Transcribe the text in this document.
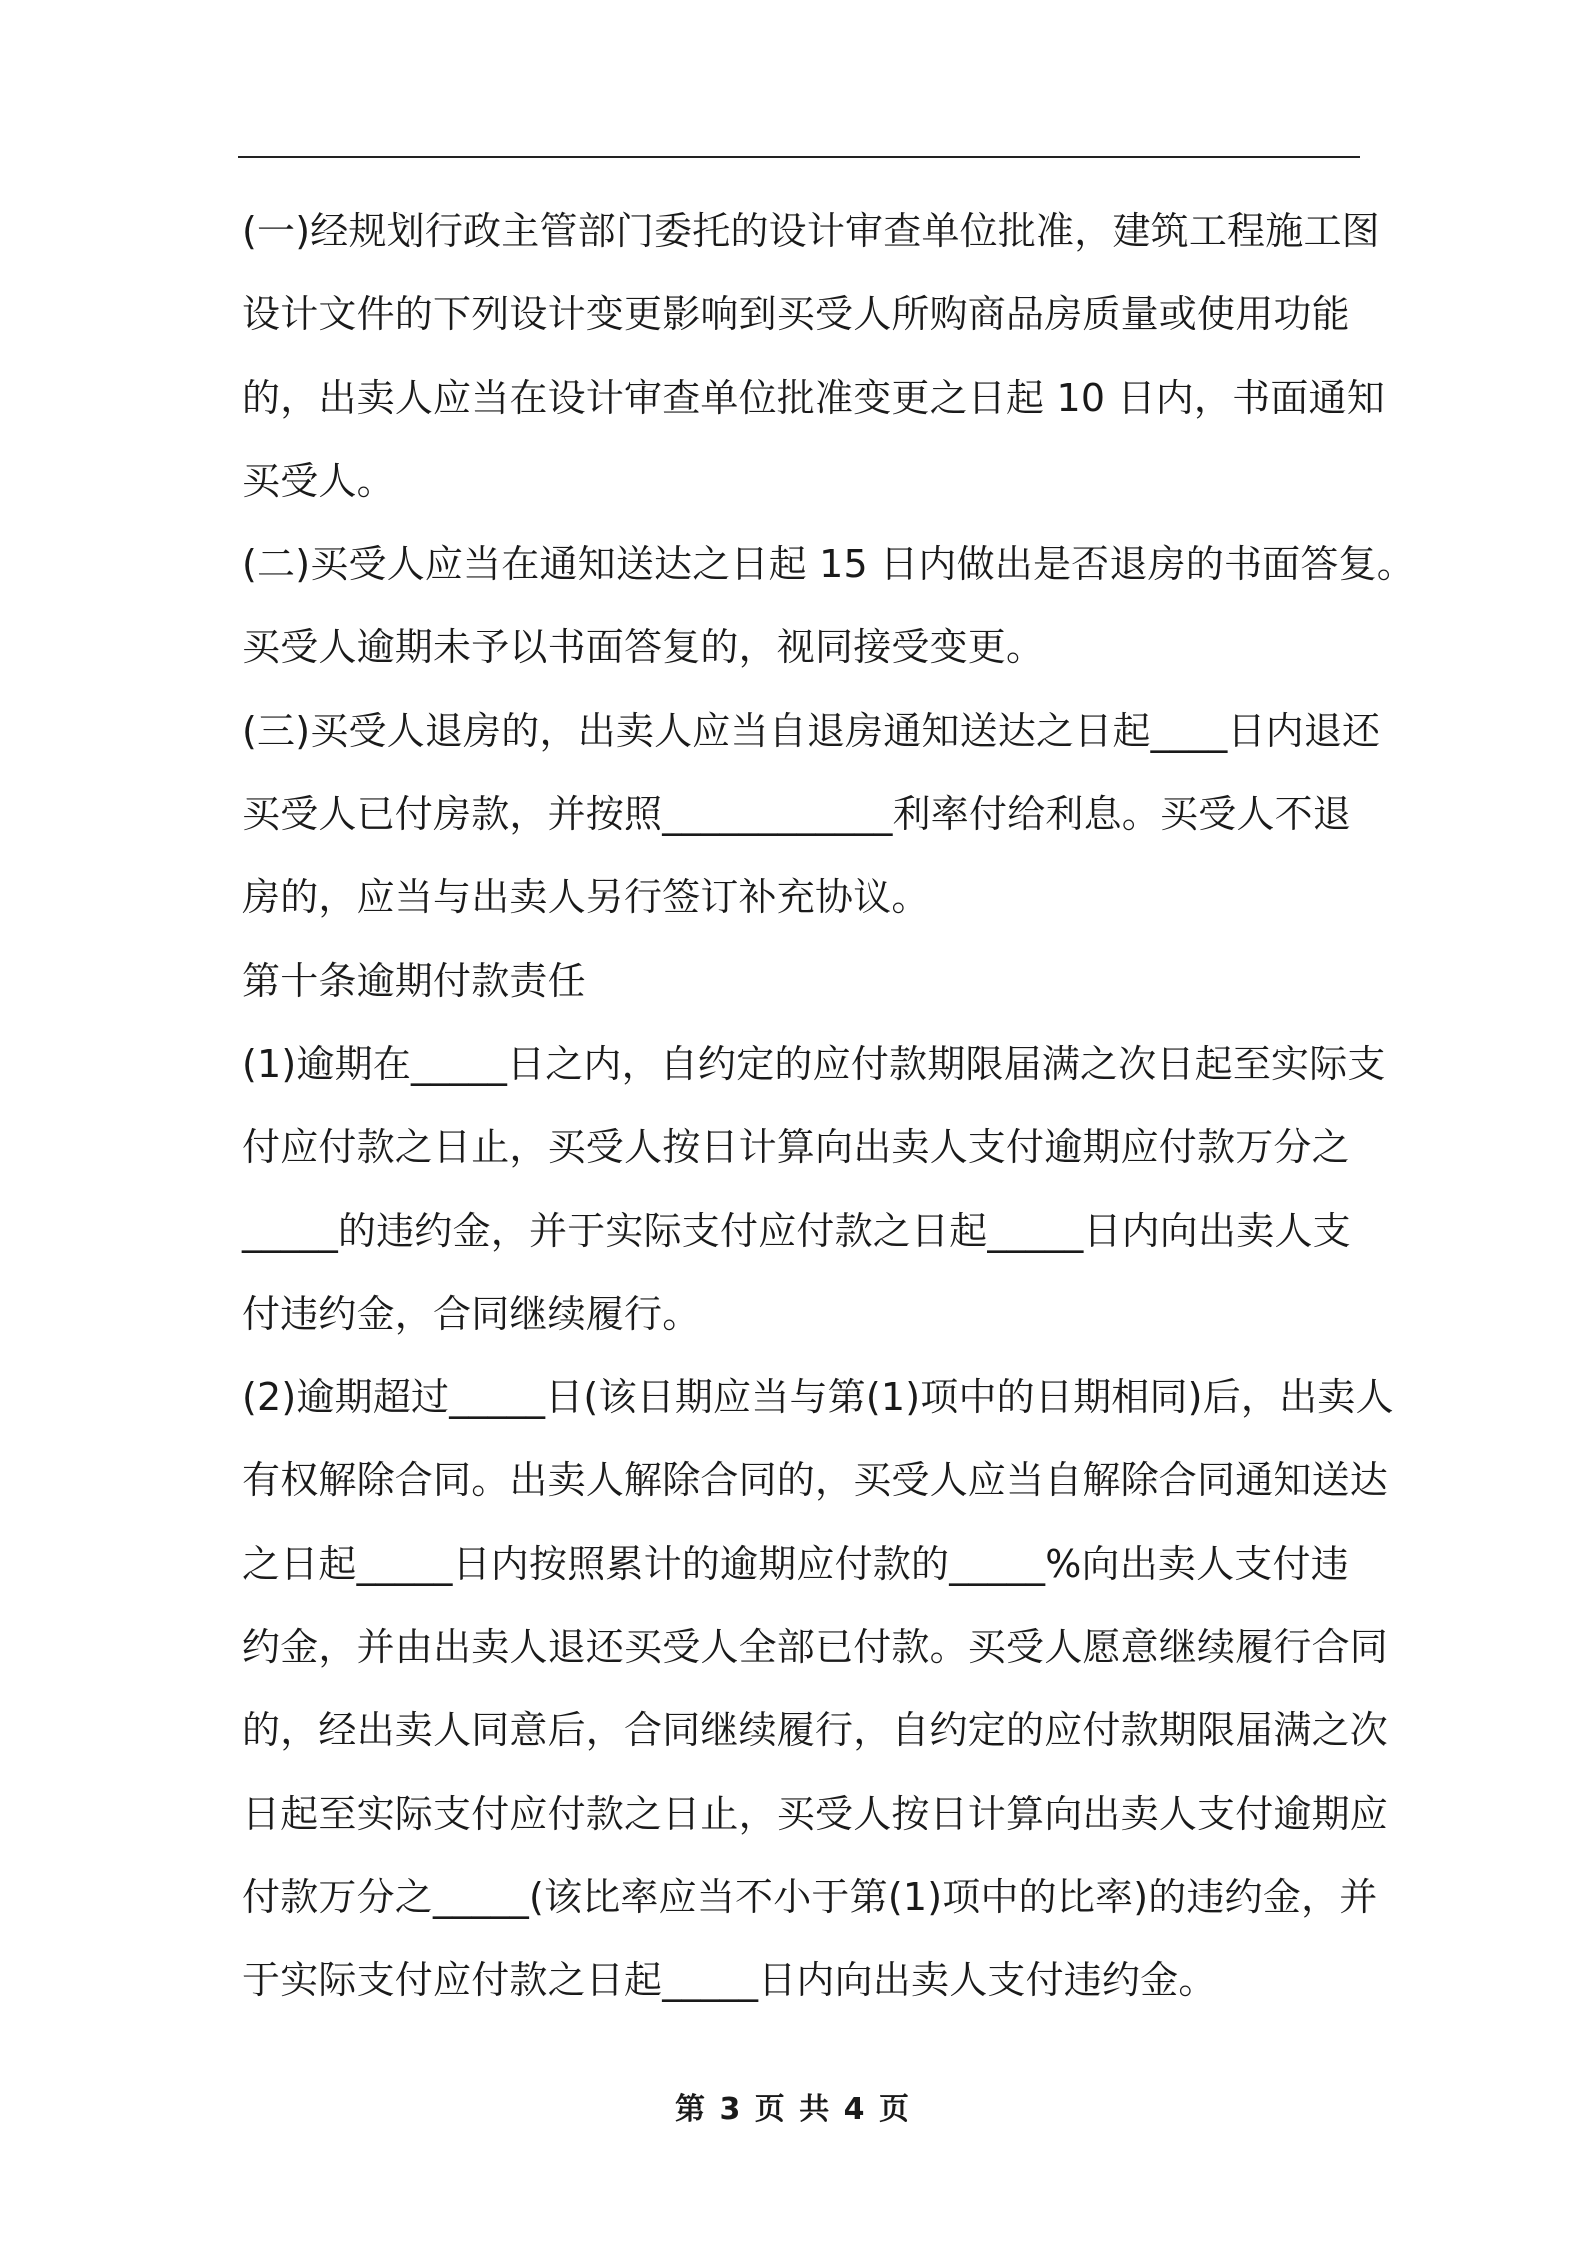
(一)经规划行政主管部门委托的设计审查单位批准，建筑工程施工图
设计文件的下列设计变更影响到买受人所购商品房质量或使用功能
的，出卖人应当在设计审查单位批准变更之日起 10 日内，书面通知
买受人。
(二)买受人应当在通知送达之日起 15 日内做出是否退房的书面答复。
买受人逾期未予以书面答复的，视同接受变更。
(三)买受人退房的，出卖人应当自退房通知送达之日起____日内退还
买受人已付房款，并按照____________利率付给利息。买受人不退
房的，应当与出卖人另行签订补充协议。
第十条逾期付款责任
(1)逾期在_____日之内，自约定的应付款期限届满之次日起至实际支
付应付款之日止，买受人按日计算向出卖人支付逾期应付款万分之
_____的违约金，并于实际支付应付款之日起_____日内向出卖人支
付违约金，合同继续履行。
(2)逾期超过_____日(该日期应当与第(1)项中的日期相同)后，出卖人
有权解除合同。出卖人解除合同的，买受人应当自解除合同通知送达
之日起_____日内按照累计的逾期应付款的_____%向出卖人支付违
约金，并由出卖人退还买受人全部已付款。买受人愿意继续履行合同
的，经出卖人同意后，合同继续履行，自约定的应付款期限届满之次
日起至实际支付应付款之日止，买受人按日计算向出卖人支付逾期应
付款万分之_____(该比率应当不小于第(1)项中的比率)的违约金，并
于实际支付应付款之日起_____日内向出卖人支付违约金。
第 3 页 共 4 页
